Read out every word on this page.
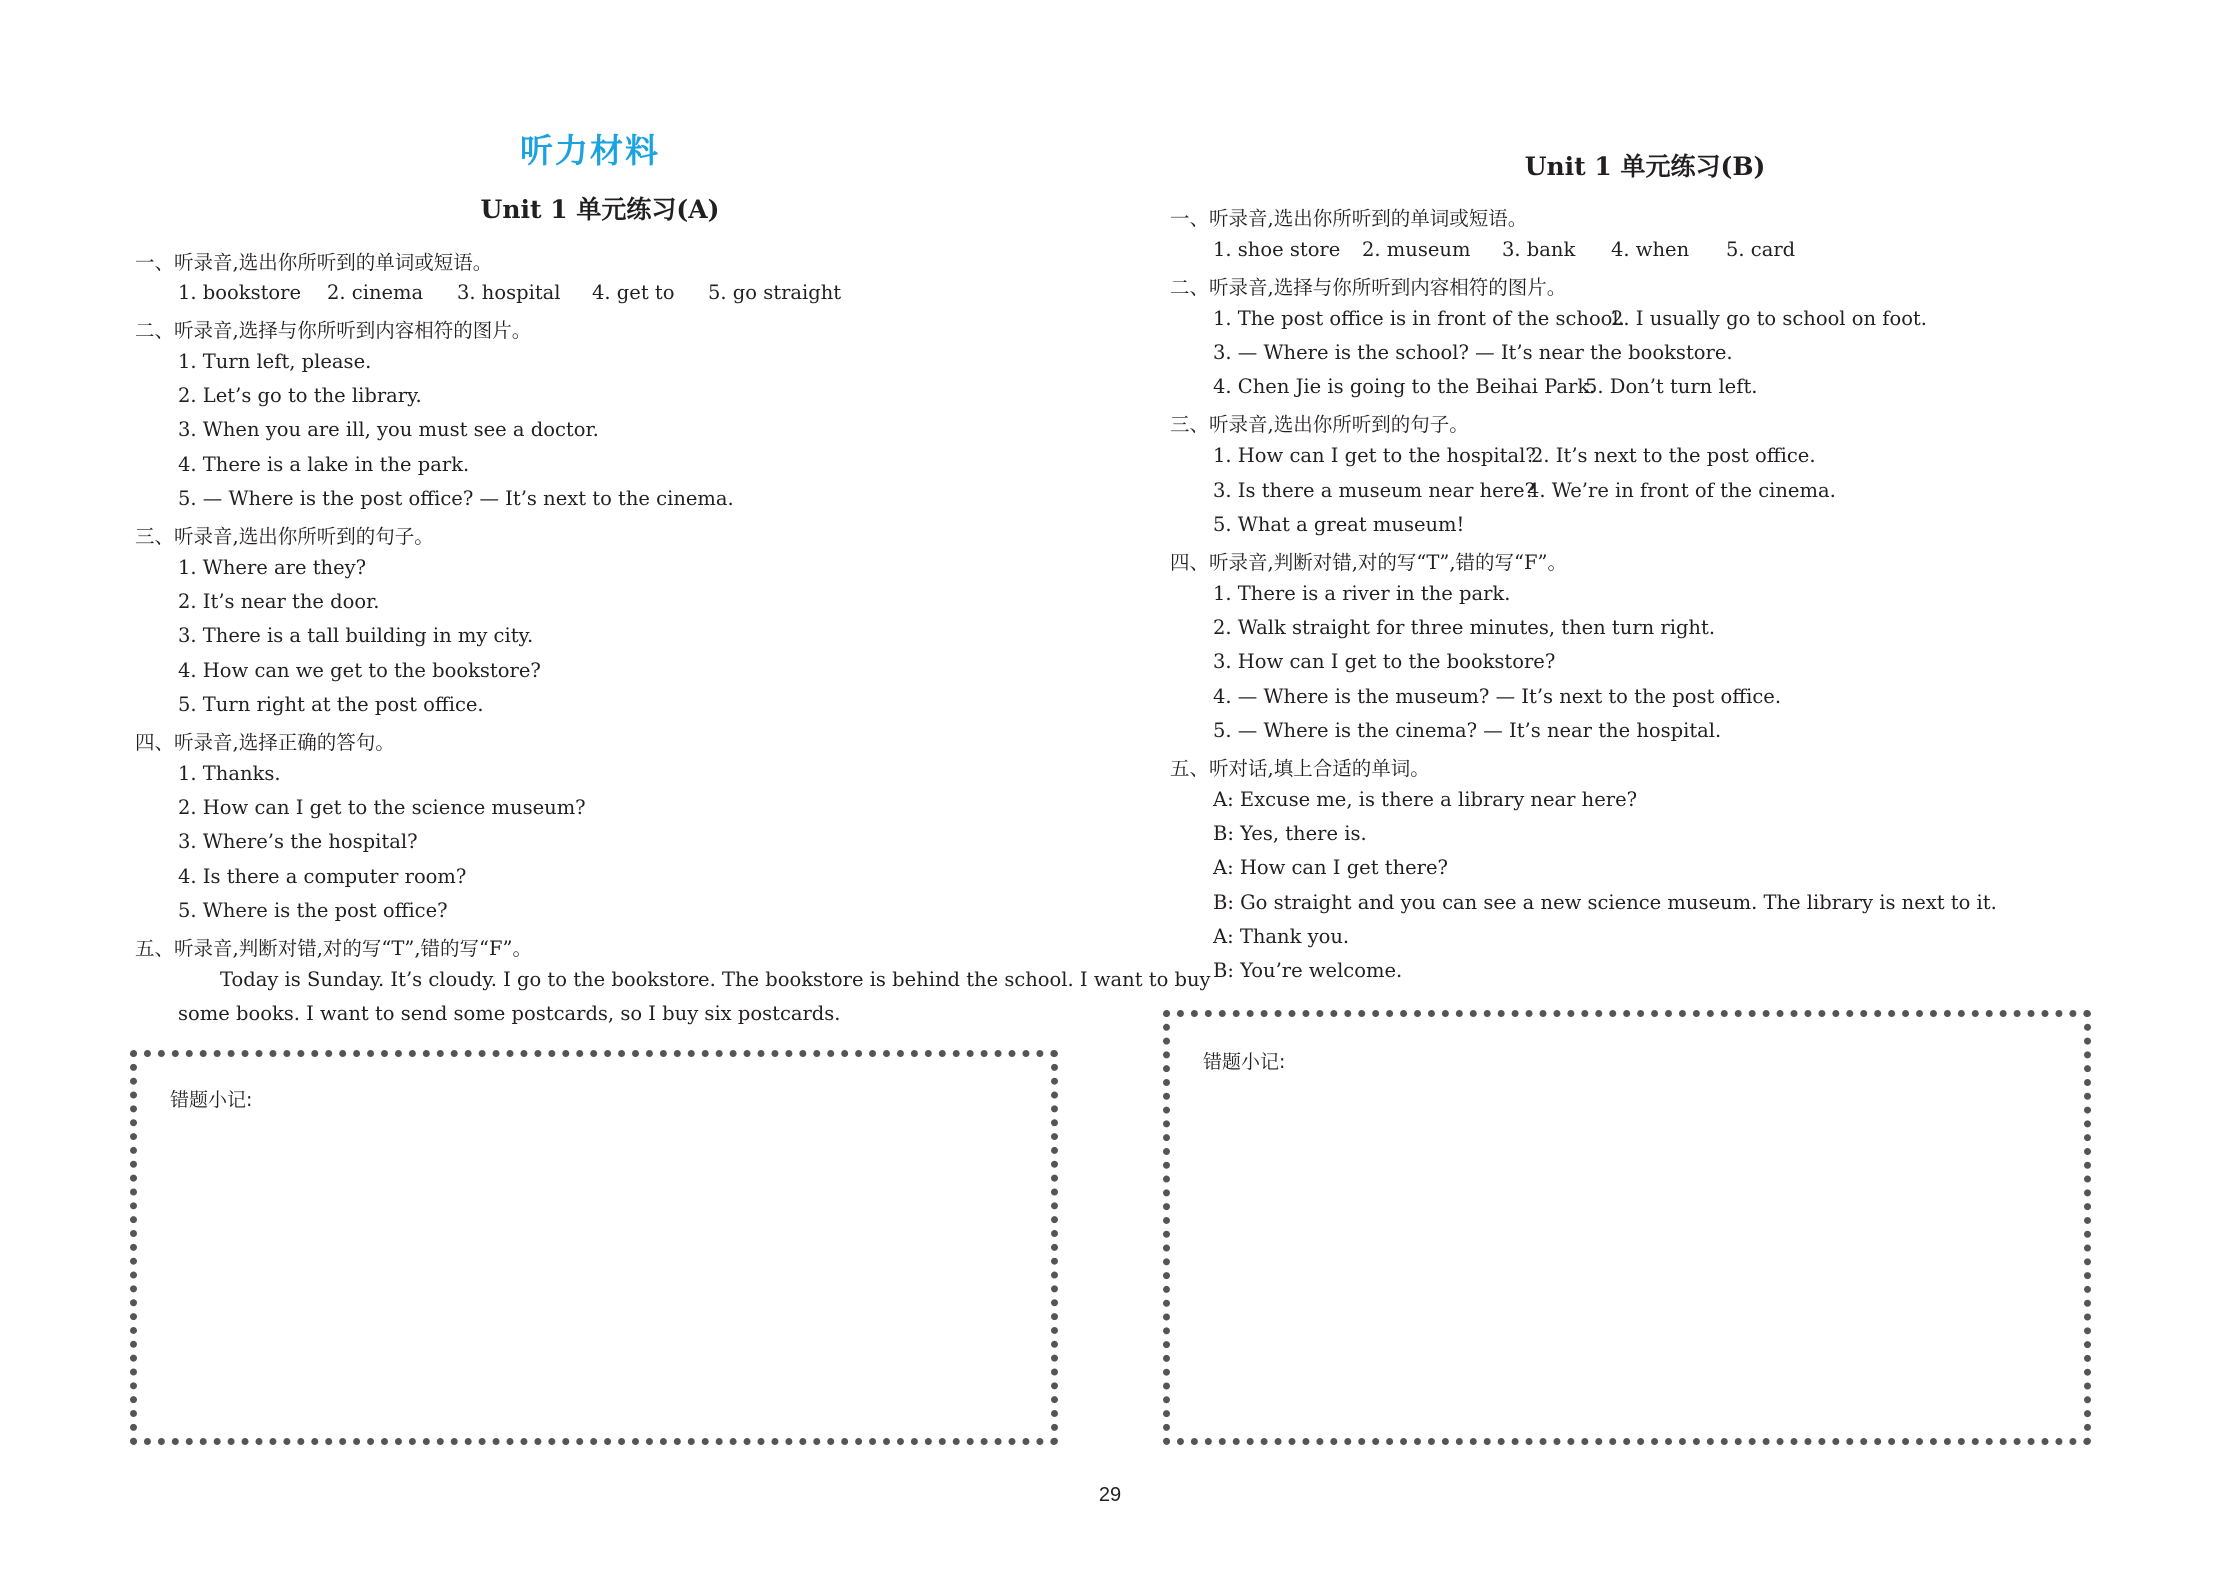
听力材料
Unit 1 单元练习(A)
一、听录音,选出你所听到的单词或短语。
1. bookstore 2. cinema 3. hospital 4. get to 5. go straight
二、听录音,选择与你所听到内容相符的图片。
1. Turn left, please.
2. Let’s go to the library.
3. When you are ill, you must see a doctor.
4. There is a lake in the park.
5. — Where is the post office? — It’s next to the cinema.
三、听录音,选出你所听到的句子。
1. Where are they?
2. It’s near the door.
3. There is a tall building in my city.
4. How can we get to the bookstore?
5. Turn right at the post office.
四、听录音,选择正确的答句。
1. Thanks.
2. How can I get to the science museum?
3. Where’s the hospital?
4. Is there a computer room?
5. Where is the post office?
五、听录音,判断对错,对的写“T”,错的写“F”。
Today is Sunday. It’s cloudy. I go to the bookstore. The bookstore is behind the school. I want to buy
some books. I want to send some postcards, so I buy six postcards.
错题小记:
Unit 1 单元练习(B)
一、听录音,选出你所听到的单词或短语。
1. shoe store 2. museum 3. bank 4. when 5. card
二、听录音,选择与你所听到内容相符的图片。
1. The post office is in front of the school.2. I usually go to school on foot.
3. — Where is the school? — It’s near the bookstore.
4. Chen Jie is going to the Beihai Park.5. Don’t turn left.
三、听录音,选出你所听到的句子。
1. How can I get to the hospital?2. It’s next to the post office.
3. Is there a museum near here?4. We’re in front of the cinema.
5. What a great museum!
四、听录音,判断对错,对的写“T”,错的写“F”。
1. There is a river in the park.
2. Walk straight for three minutes, then turn right.
3. How can I get to the bookstore?
4. — Where is the museum? — It’s next to the post office.
5. — Where is the cinema? — It’s near the hospital.
五、听对话,填上合适的单词。
A: Excuse me, is there a library near here?
B: Yes, there is.
A: How can I get there?
B: Go straight and you can see a new science museum. The library is next to it.
A: Thank you.
B: You’re welcome.
错题小记:
29
